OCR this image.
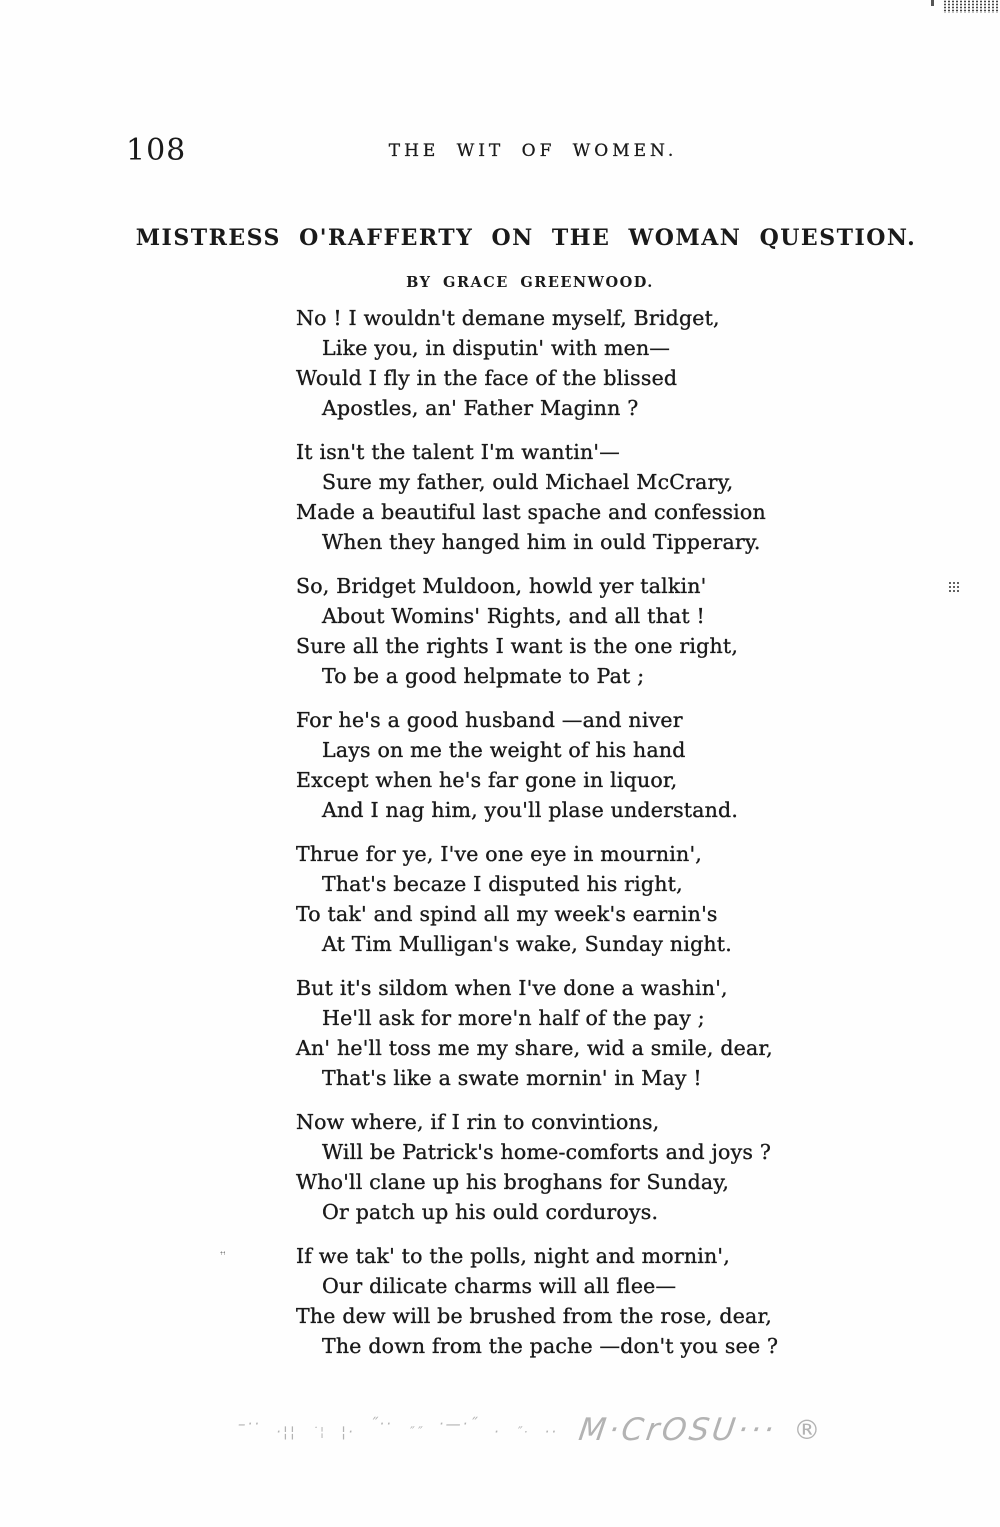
108	THE WIT OF WOMEN.
MISTRESS O'RAFFERTY ON THE WOMAN QUESTION.
BY GRACE GREENWOOD.
No ! I wouldn't demane myself, Bridget,
Like you, in disputin' with men—
Would I fly in the face of the blissed
Apostles, an' Father Maginn ?
It isn't the talent I'm wantin'—
Sure my father, ould Michael McCrary,
Made a beautiful last spache and confession
When they hanged him in ould Tipperary.
So, Bridget Muldoon, howld yer talkin'
About Womins' Rights, and all that !
Sure all the rights I want is the one right,
To be a good helpmate to Pat ;
For he's a good husband —and niver
Lays on me the weight of his hand
Except when he's far gone in liquor,
And I nag him, you'll plase understand.
Thrue for ye, I've one eye in mournin',
That's becaze I disputed his right,
To tak' and spind all my week's earnin's
At Tim Mulligan's wake, Sunday night.
But it's sildom when I've done a washin',
He'll ask for more'n half of the pay ;
An' he'll toss me my share, wid a smile, dear,
That's like a swate mornin' in May !
Now where, if I rin to convintions,
Will be Patrick's home-comforts and joys ?
Who'll clane up his broghans for Sunday,
Or patch up his ould corduroys.
If we tak' to the polls, night and mornin',
Our dilicate charms will all flee—
The dew will be brushed from the rose, dear,
The down from the pache —don't you see ?
–·· ·¦¦ ˙¦ ¦· ˝·· ˝˝ ·—·˝ · ˝· ·· M·CrOSU··· ®
